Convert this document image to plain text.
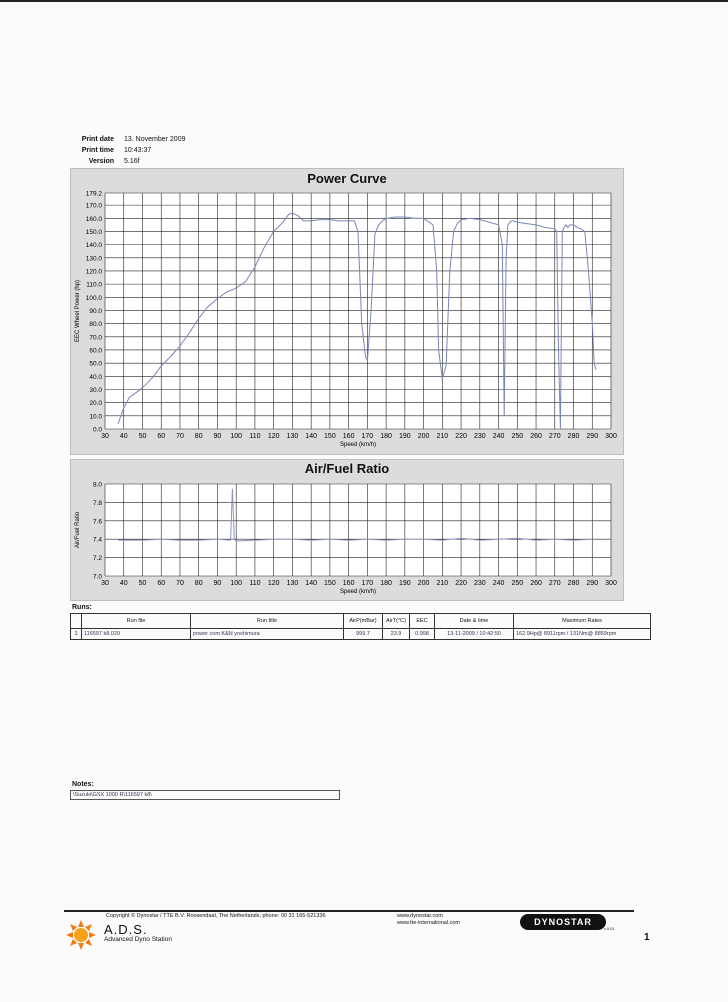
Print date	13. November 2009
Print time	10:43:37
Version	5.16f
Power Curve
30 40 50 60 70 80 90 100 110 120 130 140 150 160 170 180 190 200 210 220 230 240 250 260 270 280 290 300
0.0
10.0
20.0
30.0
40.0
50.0
60.0
70.0
80.0
90.0
100.0
110.0
120.0
130.0
140.0
150.0
160.0
170.0
179.2
Speed (km/h)
EEC Wheel Power (hp)
Air/Fuel Ratio
30 40 50 60 70 80 90 100 110 120 130 140 150 160 170 180 190 200 210 220 230 240 250 260 270 280 290 300
7.0
7.2
7.4
7.6
7.8
8.0
Speed (km/h)
Air/Fuel Ratio
Runs:
	Run file	Run title	AirP(mBar)	AirT(°C)	EEC	Date & time	Maximum Rates
1	116597 k8.029	power com K&N yoshimura	999.7	23.9	0.998	13-11-2009 / 10:42:50	162.9Hp@ 8911rpm / 131Nm@ 8859rpm
Notes:
\Suzuki\GSX 1000 R\116597 k8\
Copyright © Dynostar / TTE B.V. Roosendaal, The Netherlands, phone: 00 31 165-521336	www.dynostar.com
www.tte-international.com
A.D.S.
Advanced Dyno Station
DYNOSTAR
v.0.01
1
